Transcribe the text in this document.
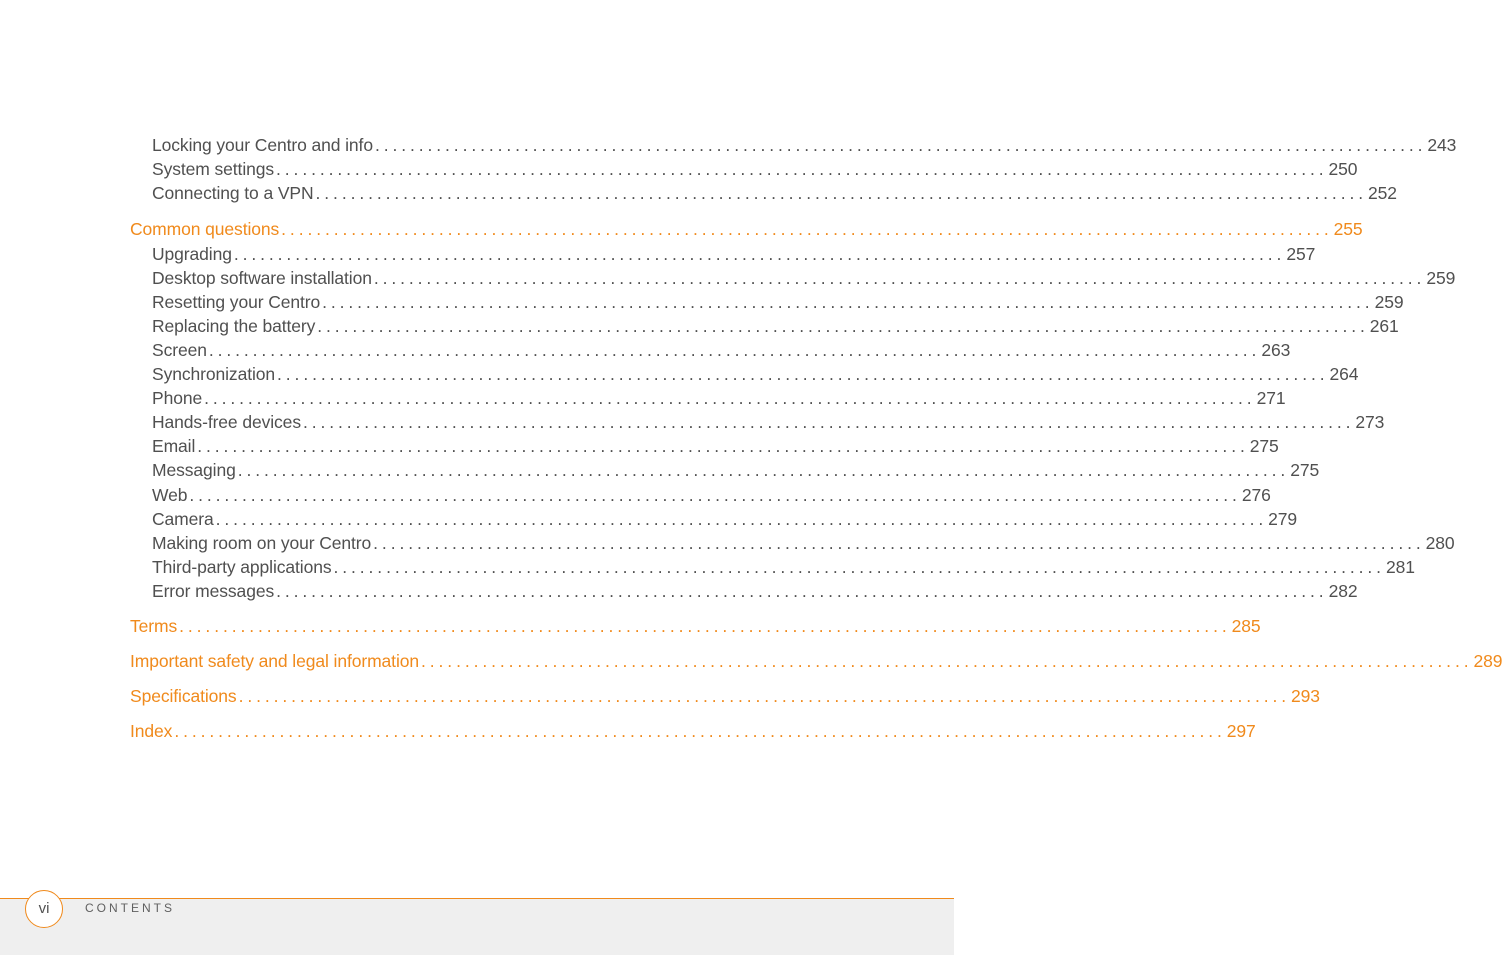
Locking your Centro and info ........................................................................................................................ 243
System settings ........................................................................................................................ 250
Connecting to a VPN ........................................................................................................................ 252
Common questions ........................................................................................................................ 255
Upgrading ........................................................................................................................ 257
Desktop software installation ........................................................................................................................ 259
Resetting your Centro ........................................................................................................................ 259
Replacing the battery ........................................................................................................................ 261
Screen ........................................................................................................................ 263
Synchronization ........................................................................................................................ 264
Phone ........................................................................................................................ 271
Hands-free devices ........................................................................................................................ 273
Email ........................................................................................................................ 275
Messaging ........................................................................................................................ 275
Web ........................................................................................................................ 276
Camera ........................................................................................................................ 279
Making room on your Centro ........................................................................................................................ 280
Third-party applications ........................................................................................................................ 281
Error messages ........................................................................................................................ 282
Terms ........................................................................................................................ 285
Important safety and legal information ........................................................................................................................ 289
Specifications ........................................................................................................................ 293
Index ........................................................................................................................ 297
vi	CONTENTS
